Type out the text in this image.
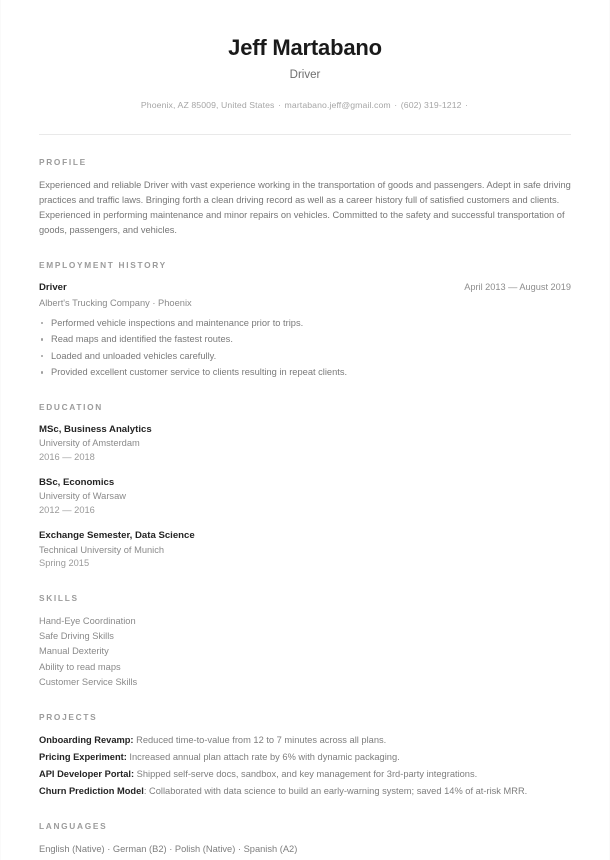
Jeff Martabano
Driver
Phoenix, AZ 85009, United States · martabano.jeff@gmail.com · (602) 319-1212 ·
PROFILE
Experienced and reliable Driver with vast experience working in the transportation of goods and passengers. Adept in safe driving practices and traffic laws. Bringing forth a clean driving record as well as a career history full of satisfied customers and clients. Experienced in performing maintenance and minor repairs on vehicles. Committed to the safety and successful transportation of goods, passengers, and vehicles.
EMPLOYMENT HISTORY
Driver	April 2013 — August 2019
Albert's Trucking Company · Phoenix
Performed vehicle inspections and maintenance prior to trips.
Read maps and identified the fastest routes.
Loaded and unloaded vehicles carefully.
Provided excellent customer service to clients resulting in repeat clients.
EDUCATION
MSc, Business Analytics
University of Amsterdam
2016 — 2018
BSc, Economics
University of Warsaw
2012 — 2016
Exchange Semester, Data Science
Technical University of Munich
Spring 2015
SKILLS
Hand-Eye Coordination
Safe Driving Skills
Manual Dexterity
Ability to read maps
Customer Service Skills
PROJECTS
Onboarding Revamp: Reduced time-to-value from 12 to 7 minutes across all plans.
Pricing Experiment: Increased annual plan attach rate by 6% with dynamic packaging.
API Developer Portal: Shipped self-serve docs, sandbox, and key management for 3rd-party integrations.
Churn Prediction Model: Collaborated with data science to build an early-warning system; saved 14% of at-risk MRR.
LANGUAGES
English (Native) · German (B2) · Polish (Native) · Spanish (A2)
